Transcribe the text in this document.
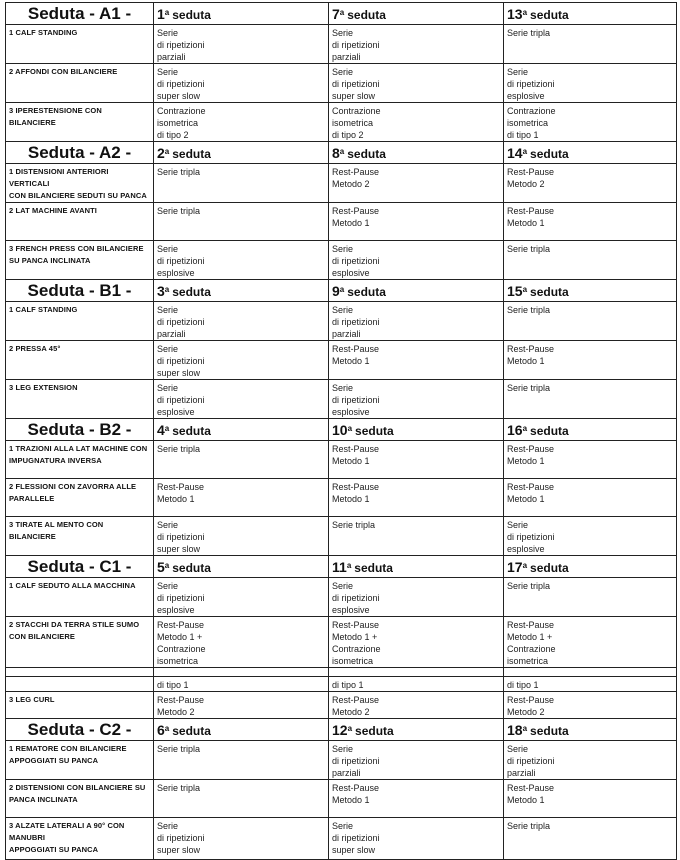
Seduta - A1 -	1$^a$ seduta	7$^a$ seduta	13$^a$ seduta
1 CALF STANDING	Serie
di ripetizioni
parziali	Serie
di ripetizioni
parziali	Serie tripla
2 AFFONDI CON BILANCIERE	Serie
di ripetizioni
super slow	Serie
di ripetizioni
super slow	Serie
di ripetizioni
esplosive
3 IPERESTENSIONE CON BILANCIERE	Contrazione
isometrica
di tipo 2	Contrazione
isometrica
di tipo 2	Contrazione
isometrica
di tipo 1
Seduta - A2 -	2$^a$ seduta	8$^a$ seduta	14$^a$ seduta
1 DISTENSIONI ANTERIORI VERTICALI
CON BILANCIERE SEDUTI SU PANCA	Serie tripla	Rest-Pause
Metodo 2	Rest-Pause
Metodo 2
2 LAT MACHINE AVANTI	Serie tripla	Rest-Pause
Metodo 1	Rest-Pause
Metodo 1
3 FRENCH PRESS CON BILANCIERE SU PANCA INCLINATA	Serie
di ripetizioni
esplosive	Serie
di ripetizioni
esplosive	Serie tripla
Seduta - B1 -	3$^a$ seduta	9$^a$ seduta	15$^a$ seduta
1 CALF STANDING	Serie
di ripetizioni
parziali	Serie
di ripetizioni
parziali	Serie tripla
2 PRESSA 45°	Serie
di ripetizioni
super slow	Rest-Pause
Metodo 1	Rest-Pause
Metodo 1
3 LEG EXTENSION	Serie
di ripetizioni
esplosive	Serie
di ripetizioni
esplosive	Serie tripla
Seduta - B2 -	4$^a$ seduta	10$^a$ seduta	16$^a$ seduta
1 TRAZIONI ALLA LAT MACHINE CON IMPUGNATURA INVERSA	Serie tripla	Rest-Pause
Metodo 1	Rest-Pause
Metodo 1
2 FLESSIONI CON ZAVORRA ALLE PARALLELE	Rest-Pause
Metodo 1	Rest-Pause
Metodo 1	Rest-Pause
Metodo 1
3 TIRATE AL MENTO CON BILANCIERE	Serie
di ripetizioni
super slow	Serie tripla	Serie
di ripetizioni
esplosive
Seduta - C1 -	5$^a$ seduta	11$^a$ seduta	17$^a$ seduta
1 CALF SEDUTO ALLA MACCHINA	Serie
di ripetizioni
esplosive	Serie
di ripetizioni
esplosive	Serie tripla
2 STACCHI DA TERRA STILE SUMO CON BILANCIERE	Rest-Pause
Metodo 1 +
Contrazione
isometrica	Rest-Pause
Metodo 1 +
Contrazione
isometrica	Rest-Pause
Metodo 1 +
Contrazione
isometrica

	di tipo 1	di tipo 1	di tipo 1
3 LEG CURL	Rest-Pause
Metodo 2	Rest-Pause
Metodo 2	Rest-Pause
Metodo 2
Seduta - C2 -	6$^a$ seduta	12$^a$ seduta	18$^a$ seduta
1 REMATORE CON BILANCIERE APPOGGIATI SU PANCA	Serie tripla	Serie
di ripetizioni
parziali	Serie
di ripetizioni
parziali
2 DISTENSIONI CON BILANCIERE SU PANCA INCLINATA	Serie tripla	Rest-Pause
Metodo 1	Rest-Pause
Metodo 1
3 ALZATE LATERALI A 90° CON MANUBRI
APPOGGIATI SU PANCA	Serie
di ripetizioni
super slow	Serie
di ripetizioni
super slow	Serie tripla
